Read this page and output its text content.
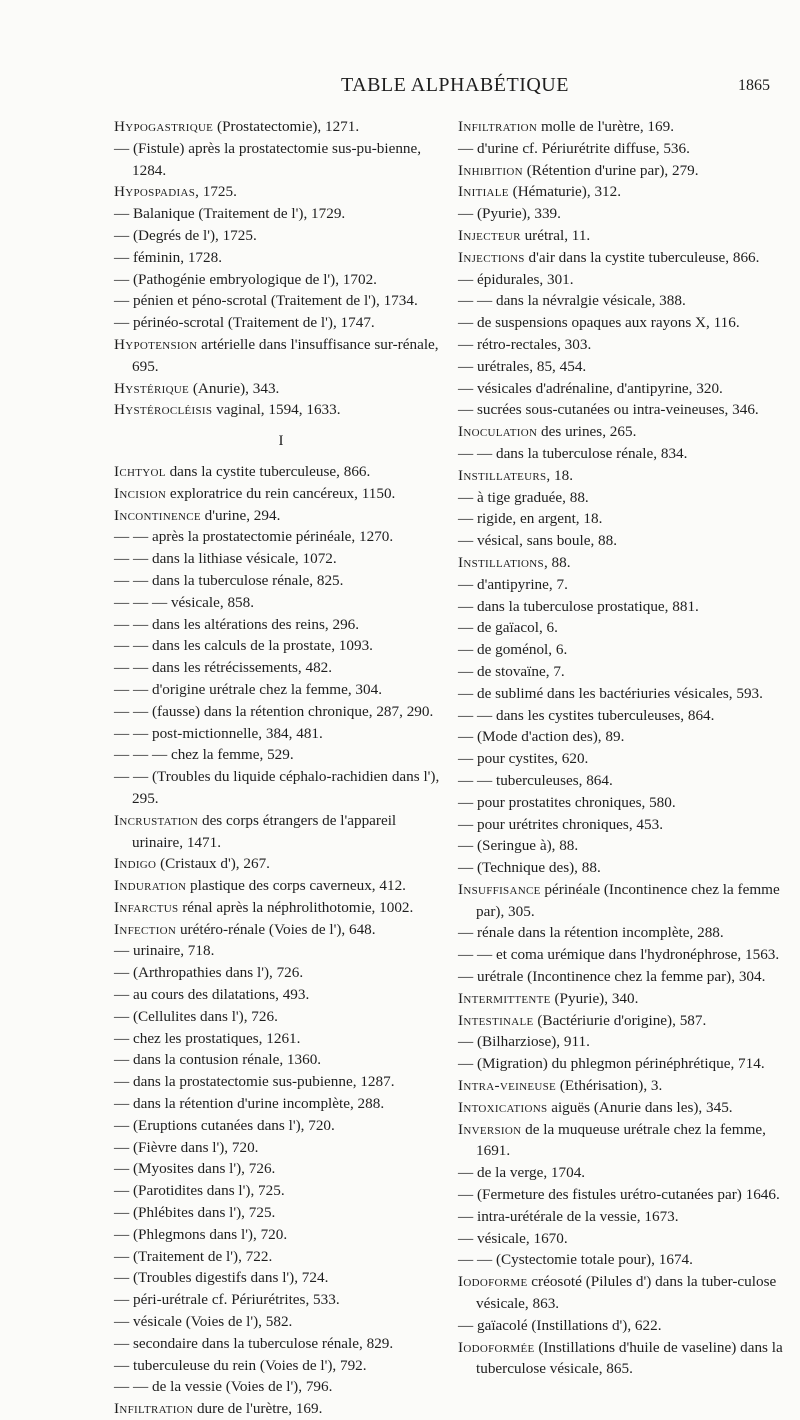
TABLE ALPHABÉTIQUE	1865
Hypogastrique (Prostatectomie), 1271.
— (Fistule) après la prostatectomie sus-pu-bienne, 1284.
Hypospadias, 1725.
— Balanique (Traitement de l'), 1729.
— (Degrés de l'), 1725.
— féminin, 1728.
— (Pathogénie embryologique de l'), 1702.
— pénien et péno-scrotal (Traitement de l'), 1734.
— périnéo-scrotal (Traitement de l'), 1747.
Hypotension artérielle dans l'insuffisance sur-rénale, 695.
Hystérique (Anurie), 343.
Hystérocléisis vaginal, 1594, 1633.
I
Ichtyol dans la cystite tuberculeuse, 866.
Incision exploratrice du rein cancéreux, 1150.
Incontinence d'urine, 294.
— — après la prostatectomie périnéale, 1270.
— — dans la lithiase vésicale, 1072.
— — dans la tuberculose rénale, 825.
— — — vésicale, 858.
— — dans les altérations des reins, 296.
— — dans les calculs de la prostate, 1093.
— — dans les rétrécissements, 482.
— — d'origine urétrale chez la femme, 304.
— — (fausse) dans la rétention chronique, 287, 290.
— — post-mictionnelle, 384, 481.
— — — chez la femme, 529.
— — (Troubles du liquide céphalo-rachidien dans l'), 295.
Incrustation des corps étrangers de l'appareil urinaire, 1471.
Indigo (Cristaux d'), 267.
Induration plastique des corps caverneux, 412.
Infarctus rénal après la néphrolithotomie, 1002.
Infection urétéro-rénale (Voies de l'), 648.
— urinaire, 718.
— (Arthropathies dans l'), 726.
— au cours des dilatations, 493.
— (Cellulites dans l'), 726.
— chez les prostatiques, 1261.
— dans la contusion rénale, 1360.
— dans la prostatectomie sus-pubienne, 1287.
— dans la rétention d'urine incomplète, 288.
— (Eruptions cutanées dans l'), 720.
— (Fièvre dans l'), 720.
— (Myosites dans l'), 726.
— (Parotidites dans l'), 725.
— (Phlébites dans l'), 725.
— (Phlegmons dans l'), 720.
— (Traitement de l'), 722.
— (Troubles digestifs dans l'), 724.
— péri-urétrale cf. Périurétrites, 533.
— vésicale (Voies de l'), 582.
— secondaire dans la tuberculose rénale, 829.
— tuberculeuse du rein (Voies de l'), 792.
— — de la vessie (Voies de l'), 796.
Infiltration dure de l'urètre, 169.
Infiltration molle de l'urètre, 169.
— d'urine cf. Périurétrite diffuse, 536.
Inhibition (Rétention d'urine par), 279.
Initiale (Hématurie), 312.
— (Pyurie), 339.
Injecteur urétral, 11.
Injections d'air dans la cystite tuberculeuse, 866.
— épidurales, 301.
— — dans la névralgie vésicale, 388.
— de suspensions opaques aux rayons X, 116.
— rétro-rectales, 303.
— urétrales, 85, 454.
— vésicales d'adrénaline, d'antipyrine, 320.
— sucrées sous-cutanées ou intra-veineuses, 346.
Inoculation des urines, 265.
— — dans la tuberculose rénale, 834.
Instillateurs, 18.
— à tige graduée, 88.
— rigide, en argent, 18.
— vésical, sans boule, 88.
Instillations, 88.
— d'antipyrine, 7.
— dans la tuberculose prostatique, 881.
— de gaïacol, 6.
— de goménol, 6.
— de stovaïne, 7.
— de sublimé dans les bactériuries vésicales, 593.
— — dans les cystites tuberculeuses, 864.
— (Mode d'action des), 89.
— pour cystites, 620.
— — tuberculeuses, 864.
— pour prostatites chroniques, 580.
— pour urétrites chroniques, 453.
— (Seringue à), 88.
— (Technique des), 88.
Insuffisance périnéale (Incontinence chez la femme par), 305.
— rénale dans la rétention incomplète, 288.
— — et coma urémique dans l'hydronéphrose, 1563.
— urétrale (Incontinence chez la femme par), 304.
Intermittente (Pyurie), 340.
Intestinale (Bactériurie d'origine), 587.
— (Bilharziose), 911.
— (Migration) du phlegmon périnéphrétique, 714.
Intra-veineuse (Ethérisation), 3.
Intoxications aiguës (Anurie dans les), 345.
Inversion de la muqueuse urétrale chez la femme, 1691.
— de la verge, 1704.
— (Fermeture des fistules urétro-cutanées par) 1646.
— intra-urétérale de la vessie, 1673.
— vésicale, 1670.
— — (Cystectomie totale pour), 1674.
Iodoforme créosoté (Pilules d') dans la tuber-culose vésicale, 863.
— gaïacolé (Instillations d'), 622.
Iodoformée (Instillations d'huile de vaseline) dans la tuberculose vésicale, 865.
